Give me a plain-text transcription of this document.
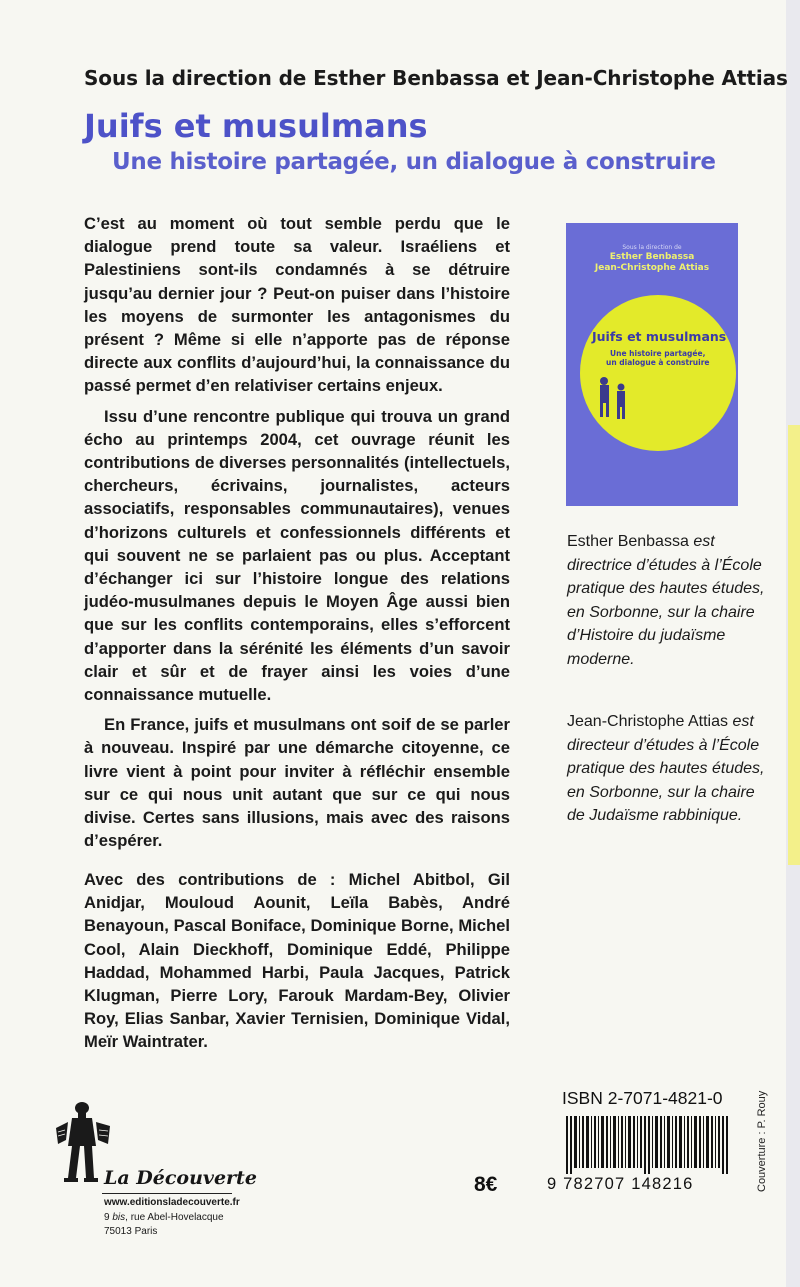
Sous la direction de Esther Benbassa et Jean-Christophe Attias
Juifs et musulmans
Une histoire partagée, un dialogue à construire

C’est au moment où tout semble perdu que le dialogue prend toute sa valeur. Israéliens et Palestiniens sont-ils condamnés à se détruire jusqu’au dernier jour ? Peut-on puiser dans l’histoire les moyens de surmonter les antagonismes du présent ? Même si elle n’apporte pas de réponse directe aux conflits d’aujourd’hui, la connaissance du passé permet d’en relativiser certains enjeux.

Issu d’une rencontre publique qui trouva un grand écho au printemps 2004, cet ouvrage réunit les contributions de diverses personnalités (intellectuels, chercheurs, écrivains, journalistes, acteurs associatifs, responsables communautaires), venues d’horizons culturels et confessionnels différents et qui souvent ne se parlaient pas ou plus. Acceptant d’échanger ici sur l’histoire longue des relations judéo-musulmanes depuis le Moyen Âge aussi bien que sur les conflits contemporains, elles s’efforcent d’apporter dans la sérénité les éléments d’un savoir clair et sûr et de frayer ainsi les voies d’une connaissance mutuelle.

En France, juifs et musulmans ont soif de se parler à nouveau. Inspiré par une démarche citoyenne, ce livre vient à point pour inviter à réfléchir ensemble sur ce qui nous unit autant que sur ce qui nous divise. Certes sans illusions, mais avec des raisons d’espérer.

Avec des contributions de : Michel Abitbol, Gil Anidjar, Mouloud Aounit, Leïla Babès, André Benayoun, Pascal Boniface, Dominique Borne, Michel Cool, Alain Dieckhoff, Dominique Eddé, Philippe Haddad, Mohammed Harbi, Paula Jacques, Patrick Klugman, Pierre Lory, Farouk Mardam-Bey, Olivier Roy, Elias Sanbar, Xavier Ternisien, Dominique Vidal, Meïr Waintrater.
Sous la direction de
Esther Benbassa
Jean-Christophe Attias
Juifs et musulmans
Une histoire partagée,
un dialogue à construire
Esther Benbassa est directrice d’études à l’École pratique des hautes études, en Sorbonne, sur la chaire d’Histoire du judaïsme moderne.
Jean-Christophe Attias est directeur d’études à l’École pratique des hautes études, en Sorbonne, sur la chaire de Judaïsme rabbinique.
ISBN 2-7071-4821-0
9 782707 148216	Couverture : P. Rouy
8€
La Découverte
www.editionsladecouverte.fr
9 bis, rue Abel-Hovelacque
75013 Paris
